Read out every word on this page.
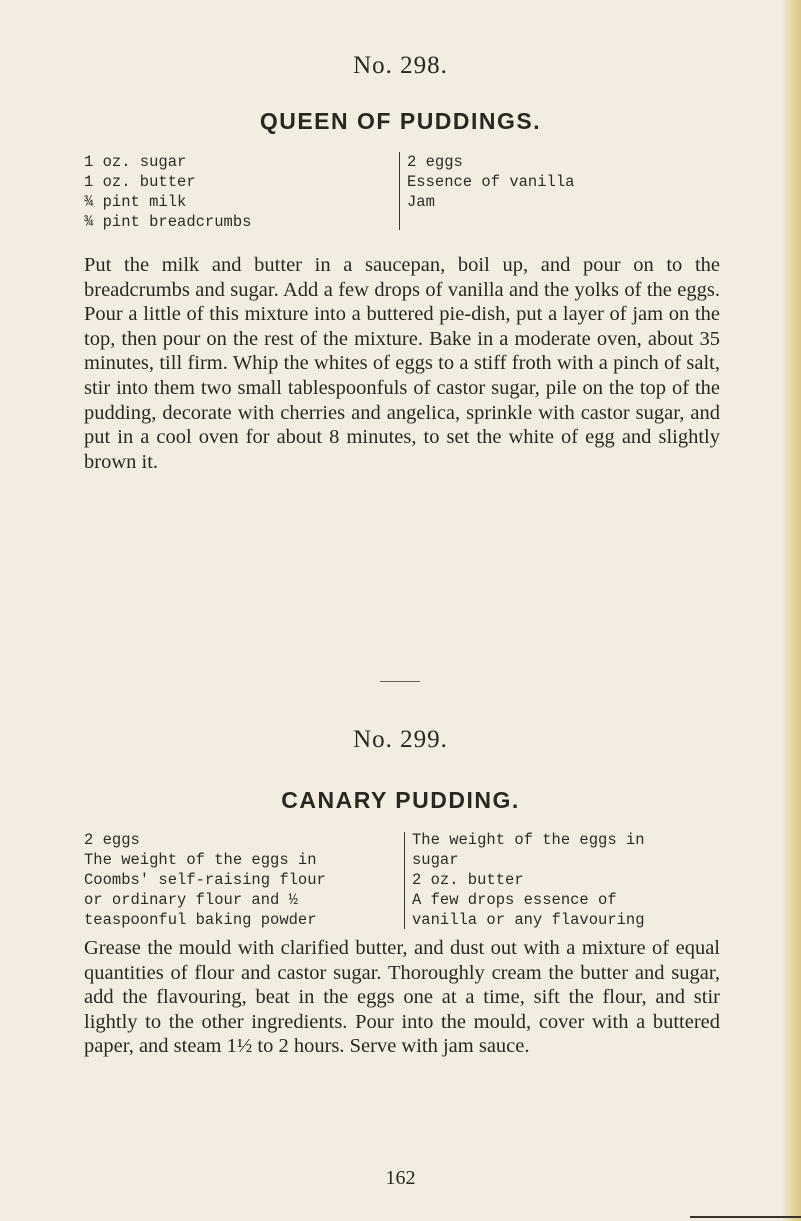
No. 298.
QUEEN OF PUDDINGS.
1 oz. sugar
1 oz. butter
¾ pint milk
¾ pint breadcrumbs
2 eggs
Essence of vanilla
Jam
Put the milk and butter in a saucepan, boil up, and pour on to the breadcrumbs and sugar. Add a few drops of vanilla and the yolks of the eggs. Pour a little of this mixture into a buttered pie-dish, put a layer of jam on the top, then pour on the rest of the mixture. Bake in a moderate oven, about 35 minutes, till firm. Whip the whites of eggs to a stiff froth with a pinch of salt, stir into them two small tablespoonfuls of castor sugar, pile on the top of the pudding, decorate with cherries and angelica, sprinkle with castor sugar, and put in a cool oven for about 8 minutes, to set the white of egg and slightly brown it.
No. 299.
CANARY PUDDING.
2 eggs
The weight of the eggs in
Coombs' self-raising flour
or ordinary flour and ½
teaspoonful baking powder
The weight of the eggs in
sugar
2 oz. butter
A few drops essence of
vanilla or any flavouring
Grease the mould with clarified butter, and dust out with a mixture of equal quantities of flour and castor sugar. Thoroughly cream the butter and sugar, add the flavouring, beat in the eggs one at a time, sift the flour, and stir lightly to the other ingredients. Pour into the mould, cover with a buttered paper, and steam 1½ to 2 hours. Serve with jam sauce.
162
